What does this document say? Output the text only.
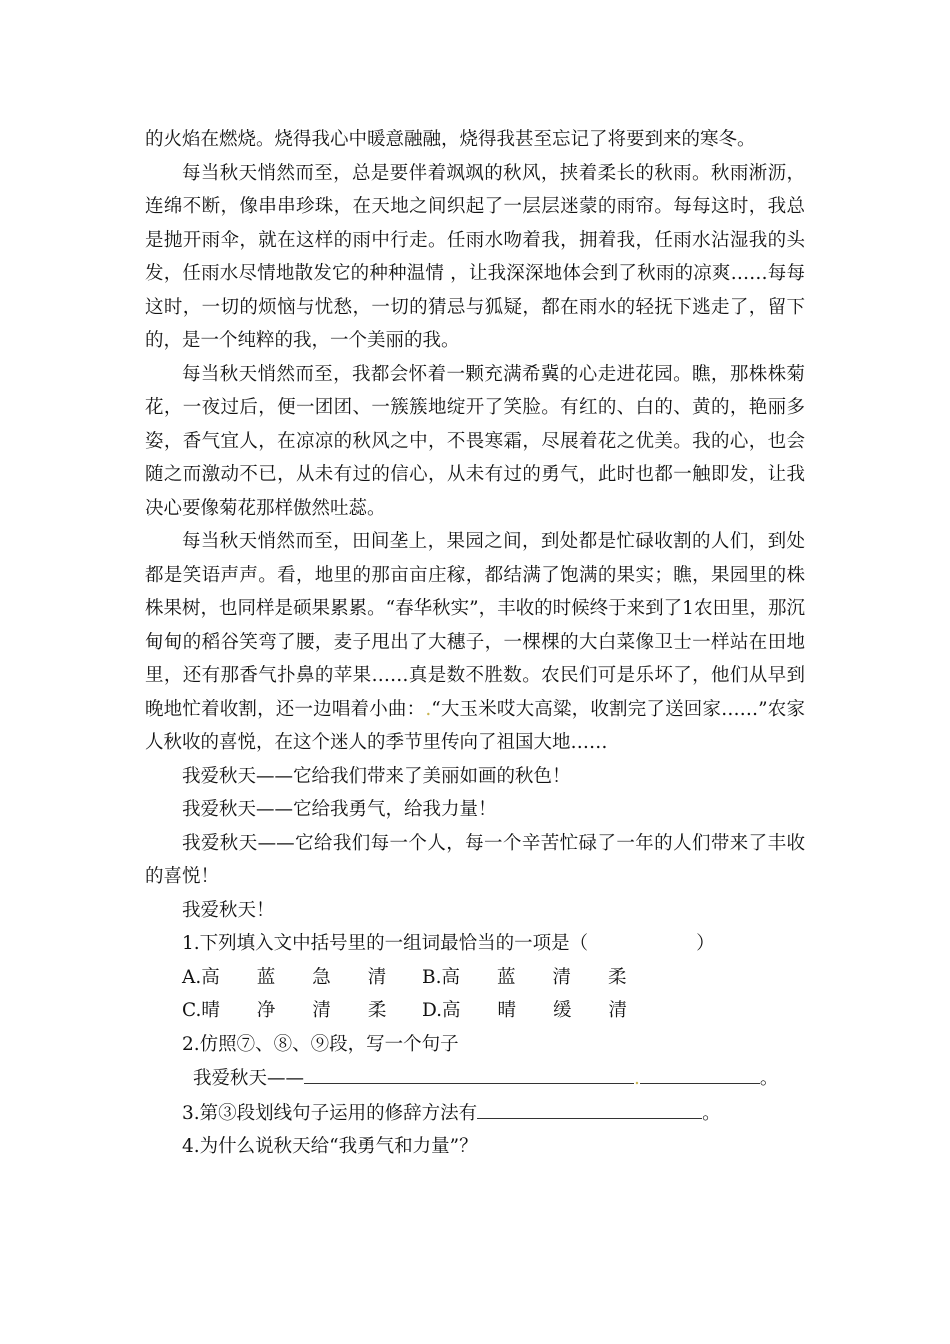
的火焰在燃烧。烧得我心中暖意融融，烧得我甚至忘记了将要到来的寒冬。

每当秋天悄然而至，总是要伴着飒飒的秋风，挟着柔长的秋雨。秋雨淅沥，连绵不断，像串串珍珠，在天地之间织起了一层层迷蒙的雨帘。每每这时，我总是抛开雨伞，就在这样的雨中行走。任雨水吻着我，拥着我，任雨水沾湿我的头发，任雨水尽情地散发它的种种温情 ，让我深深地体会到了秋雨的凉爽……每每这时，一切的烦恼与忧愁，一切的猜忌与狐疑，都在雨水的轻抚下逃走了，留下的，是一个纯粹的我，一个美丽的我。

每当秋天悄然而至，我都会怀着一颗充满希冀的心走进花园。瞧，那株株菊花，一夜过后，便一团团、一簇簇地绽开了笑脸。有红的、白的、黄的，艳丽多姿，香气宜人，在凉凉的秋风之中，不畏寒霜，尽展着花之优美。我的心，也会随之而激动不已，从未有过的信心，从未有过的勇气，此时也都一触即发，让我决心要像菊花那样傲然吐蕊。

每当秋天悄然而至，田间垄上，果园之间，到处都是忙碌收割的人们，到处都是笑语声声。看，地里的那亩亩庄稼，都结满了饱满的果实；瞧，果园里的株株果树，也同样是硕果累累。“春华秋实”，丰收的时候终于来到了1农田里，那沉甸甸的稻谷笑弯了腰，麦子甩出了大穗子，一棵棵的大白菜像卫士一样站在田地里，还有那香气扑鼻的苹果……真是数不胜数。农民们可是乐坏了，他们从早到晚地忙着收割，还一边唱着小曲：.“大玉米哎大高粱，收割完了送回家……”农家人秋收的喜悦，在这个迷人的季节里传向了祖国大地……

我爱秋天——它给我们带来了美丽如画的秋色！

我爱秋天——它给我勇气，给我力量！

我爱秋天——它给我们每一个人，每一个辛苦忙碌了一年的人们带来了丰收的喜悦！

我爱秋天！

1.下列填入文中括号里的一组词最恰当的一项是（	）

A.高　　蓝　　急　　清 B.高　　蓝　　清　　柔

C.晴　　净　　清　　柔 D.高　　晴　　缓　　清

2.仿照⑦、⑧、⑨段，写一个句子

我爱秋天——	.	。

3.第③段划线句子运用的修辞方法有	。

4.为什么说秋天给“我勇气和力量”？
